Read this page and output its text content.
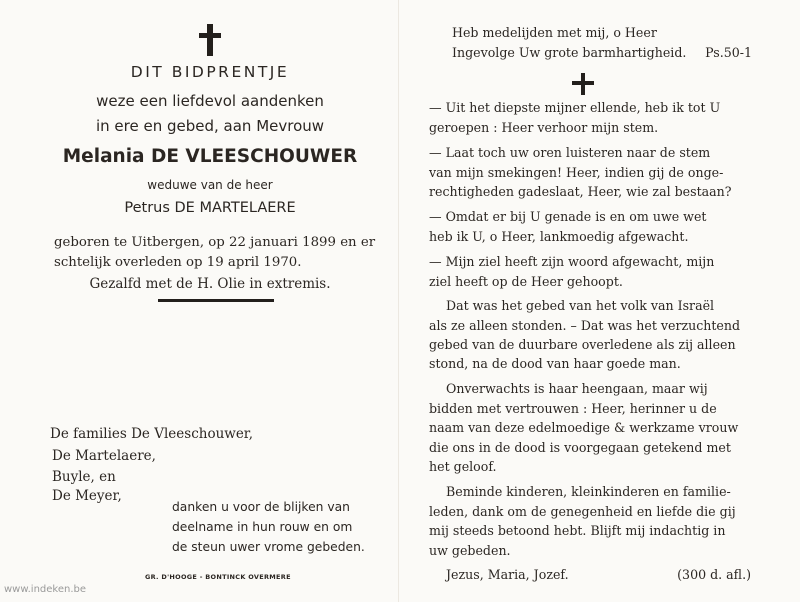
DIT BIDPRENTJE
weze een liefdevol aandenken
in ere en gebed, aan Mevrouw
Melania DE VLEESCHOUWER
weduwe van de heer
Petrus DE MARTELAERE
geboren te Uitbergen, op 22 januari 1899 en er
schtelijk overleden op 19 april 1970.
Gezalfd met de H. Olie in extremis.
De families De Vleeschouwer,
De Martelaere,
Buyle, en
De Meyer,
danken u voor de blijken van
deelname in hun rouw en om
de steun uwer vrome gebeden.
GR. D'HOOGE - BONTINCK OVERMERE
Heb medelijden met mij, o Heer
Ingevolge Uw grote barmhartigheid. Ps.50-1
— Uit het diepste mijner ellende, heb ik tot U
geroepen : Heer verhoor mijn stem.
— Laat toch uw oren luisteren naar de stem
van mijn smekingen! Heer, indien gij de onge-
rechtigheden gadeslaat, Heer, wie zal bestaan?
— Omdat er bij U genade is en om uwe wet
heb ik U, o Heer, lankmoedig afgewacht.
— Mijn ziel heeft zijn woord afgewacht, mijn
ziel heeft op de Heer gehoopt.
Dat was het gebed van het volk van Israël
als ze alleen stonden. – Dat was het verzuchtend
gebed van de duurbare overledene als zij alleen
stond, na de dood van haar goede man.
Onverwachts is haar heengaan, maar wij
bidden met vertrouwen : Heer, herinner u de
naam van deze edelmoedige & werkzame vrouw
die ons in de dood is voorgegaan getekend met
het geloof.
Beminde kinderen, kleinkinderen en familie-
leden, dank om de genegenheid en liefde die gij
mij steeds betoond hebt. Blijft mij indachtig in
uw gebeden.
Jezus, Maria, Jozef.	(300 d. afl.)
www.indeken.be
